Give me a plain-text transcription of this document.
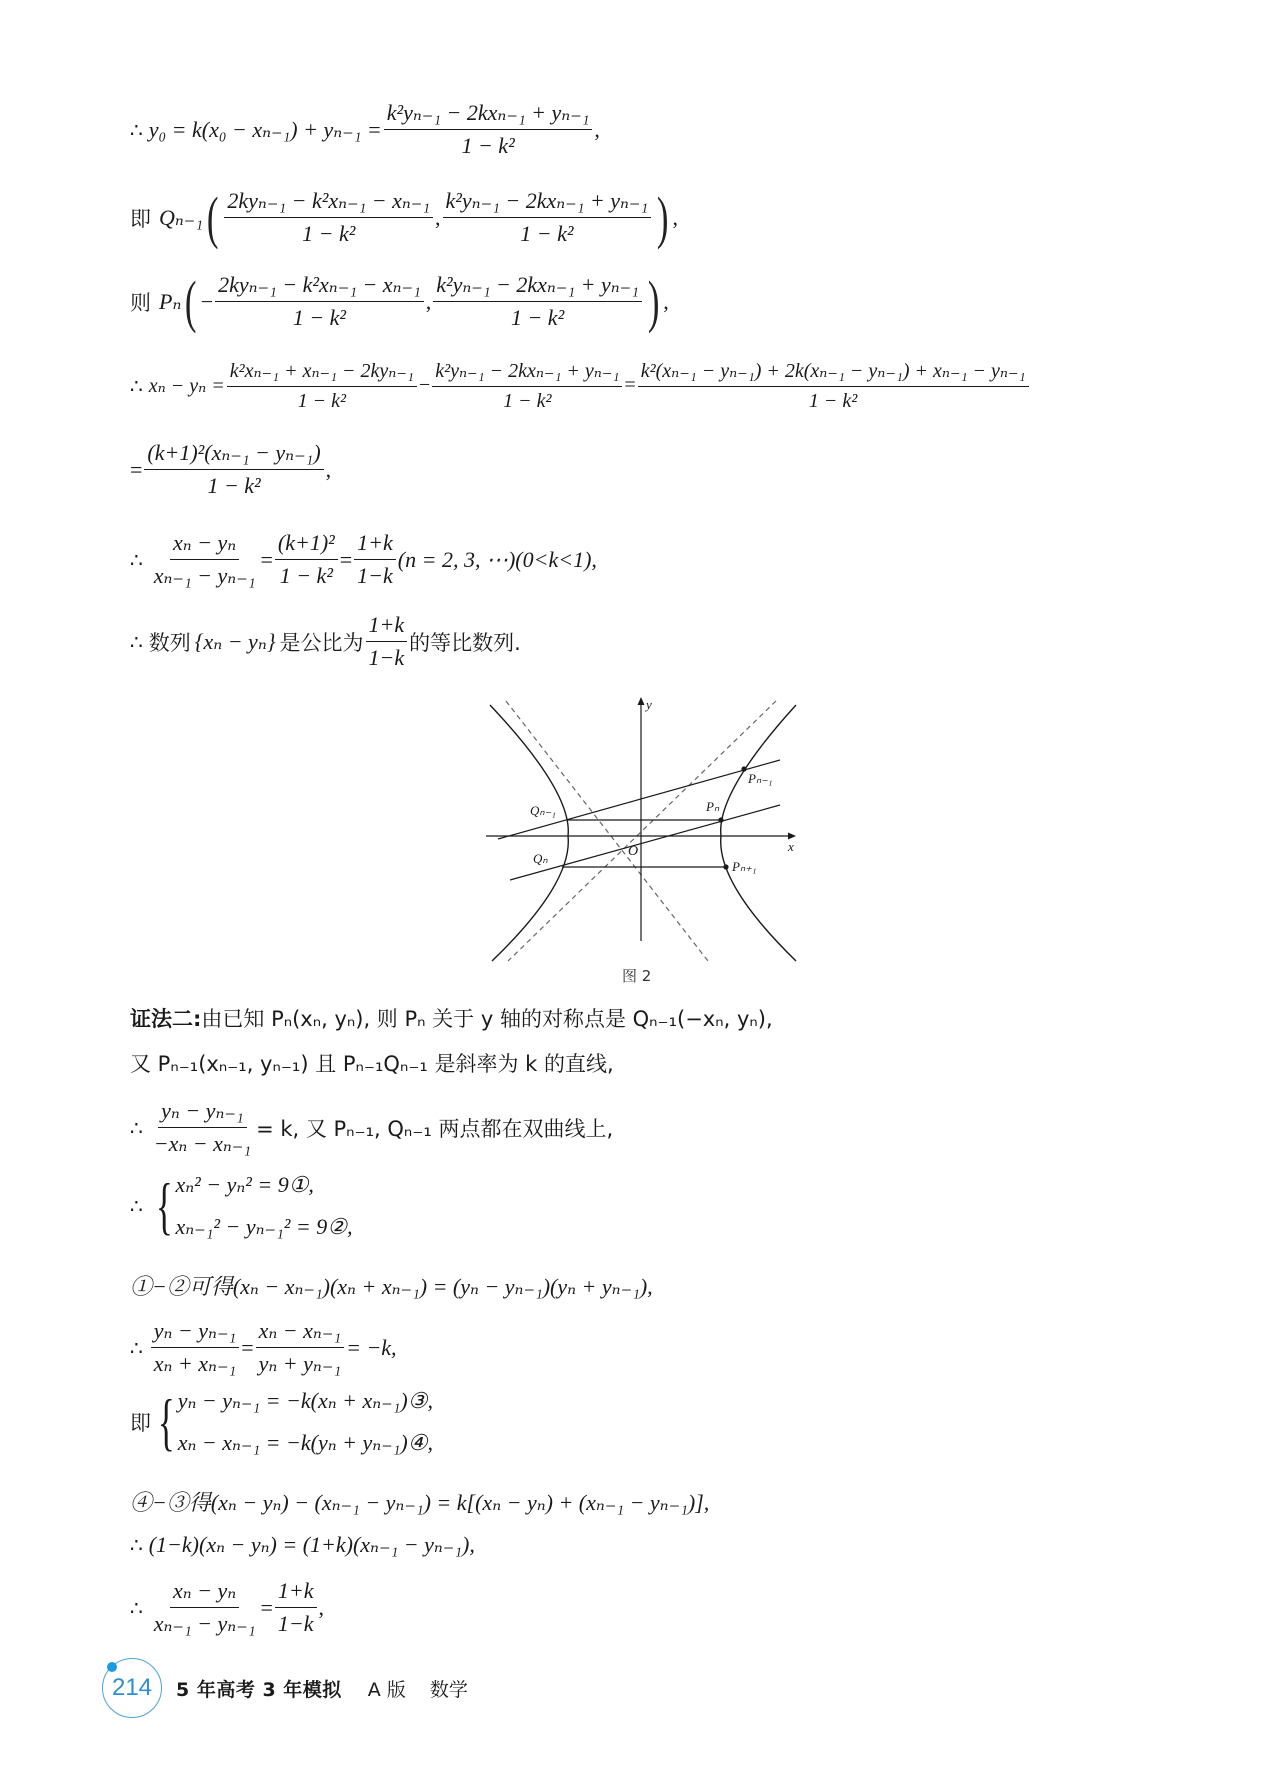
∴ $y_0 = k(x_0 - x_{n-1}) + y_{n-1} = \frac{\text{k²yₙ₋₁ − 2kxₙ₋₁ + yₙ₋₁}}{\text{1 − k²}}$ ,
即 Qₙ₋₁ ( $\frac{\text{2kyₙ₋₁ − k²xₙ₋₁ − xₙ₋₁}}{\text{1 − k²}}$ , $\frac{\text{k²yₙ₋₁ − 2kxₙ₋₁ + yₙ₋₁}}{\text{1 − k²}}$ ) ,
则 Pₙ ( − $\frac{\text{2kyₙ₋₁ − k²xₙ₋₁ − xₙ₋₁}}{\text{1 − k²}}$ , $\frac{\text{k²yₙ₋₁ − 2kxₙ₋₁ + yₙ₋₁}}{\text{1 − k²}}$ ) ,
∴ $x_n - y_n = \frac{\text{k²xₙ₋₁ + xₙ₋₁ − 2kyₙ₋₁}}{\text{1 − k²}} - \frac{\text{k²yₙ₋₁ − 2kxₙ₋₁ + yₙ₋₁}}{\text{1 − k²}} = \frac{\text{k²(xₙ₋₁ − yₙ₋₁) + 2k(xₙ₋₁ − yₙ₋₁) + xₙ₋₁ − yₙ₋₁}}{\text{1 − k²}}$
= $\frac{\text{(k+1)²(xₙ₋₁ − yₙ₋₁)}}{\text{1 − k²}}$ ,
∴ $\frac{\text{xₙ − yₙ}}{\text{xₙ₋₁ − yₙ₋₁}} = \frac{\text{(k+1)²}}{\text{1 − k²}} = \frac{1+k}{1-k} (n = 2$, 3, ⋯)(0<k<1),
∴ 数列 {xₙ − yₙ} 是公比为 $\frac{1+k}{1-k}$ 的等比数列.
y
x
O
Qₙ₋₁
Qₙ
Pₙ₋₁
Pₙ
Pₙ₊₁
图 2
证法二: 由已知 Pₙ(xₙ, yₙ), 则 Pₙ 关于 y 轴的对称点是 Qₙ₋₁(−xₙ, yₙ),
又 Pₙ₋₁(xₙ₋₁, yₙ₋₁) 且 Pₙ₋₁Qₙ₋₁ 是斜率为 k 的直线,
∴ $\frac{\text{yₙ − yₙ₋₁}}{\text{−xₙ − xₙ₋₁}} = k$, 又 Pₙ₋₁, Qₙ₋₁ 两点都在双曲线上,
∴ { xₙ² − yₙ² = 9①,
xₙ₋₁² − yₙ₋₁² = 9②,
①−②可得(xₙ − xₙ₋₁)(xₙ + xₙ₋₁) = (yₙ − yₙ₋₁)(yₙ + yₙ₋₁),
∴ $\frac{\text{yₙ − yₙ₋₁}}{\text{xₙ + xₙ₋₁}} = \frac{\text{xₙ − xₙ₋₁}}{\text{yₙ + yₙ₋₁}} = -k$,
即 { yₙ − yₙ₋₁ = −k(xₙ + xₙ₋₁)③,
xₙ − xₙ₋₁ = −k(yₙ + yₙ₋₁)④,
④−③得(xₙ − yₙ) − (xₙ₋₁ − yₙ₋₁) = k[(xₙ − yₙ) + (xₙ₋₁ − yₙ₋₁)],
∴ (1−k)(xₙ − yₙ) = (1+k)(xₙ₋₁ − yₙ₋₁),
∴ $\frac{\text{xₙ − yₙ}}{\text{xₙ₋₁ − yₙ₋₁}} = \frac{1+k}{1-k}$ ,
214 5 年高考 3 年模拟 A 版 数学
